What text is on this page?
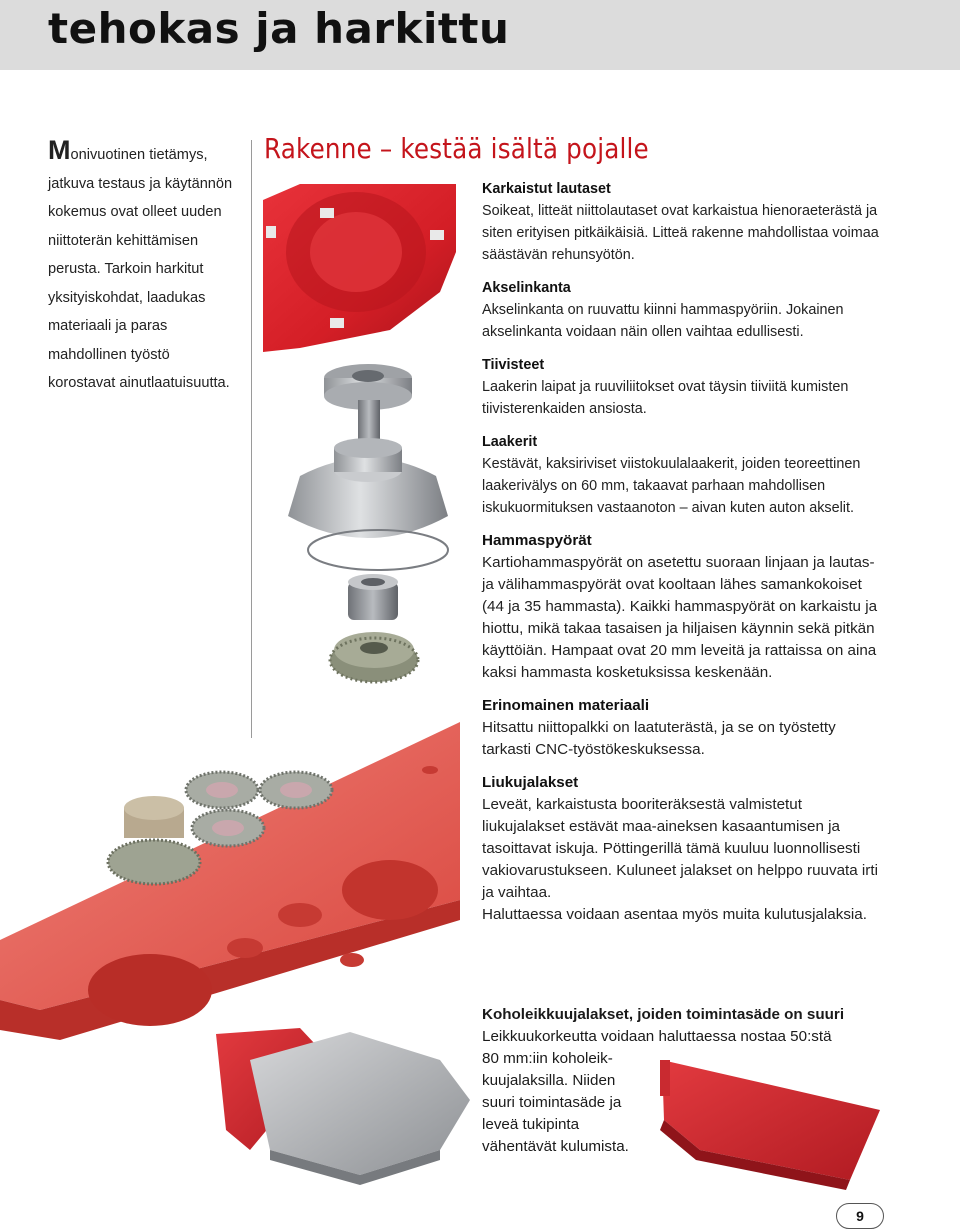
tehokas ja harkittu

Monivuotinen tietämys, jatkuva testaus ja käytännön kokemus ovat olleet uuden niittoterän kehittämisen perusta. Tarkoin harkitut yksityiskohdat, laadukas materiaali ja paras mahdollinen työstö korostavat ainutlaatuisuutta.

Rakenne – kestää isältä pojalle
Karkaistut lautaset

Soikeat, litteät niittolautaset ovat karkaistua hienoraeterästä ja siten erityisen pitkäikäisiä. Litteä rakenne mahdollistaa voimaa säästävän rehunsyötön.

Akselinkanta

Akselinkanta on ruuvattu kiinni hammaspyöriin. Jokainen akselinkanta voidaan näin ollen vaihtaa edullisesti.

Tiivisteet

Laakerin laipat ja ruuviliitokset ovat täysin tiiviitä kumisten tiivisterenkaiden ansiosta.

Laakerit

Kestävät, kaksiriviset viistokuulalaakerit, joiden teoreettinen laakerivälys on 60 mm, takaavat parhaan mahdollisen iskukuormituksen vastaanoton – aivan kuten auton akselit.

Hammaspyörät

Kartiohammaspyörät on asetettu suoraan linjaan ja lautas- ja välihammaspyörät ovat kooltaan lähes samankokoiset (44 ja 35 hammasta). Kaikki hammaspyörät on karkaistu ja hiottu, mikä takaa tasaisen ja hiljaisen käynnin sekä pitkän käyttöiän. Hampaat ovat 20 mm leveitä ja rattaissa on aina kaksi hammasta kosketuksissa keskenään.

Erinomainen materiaali

Hitsattu niittopalkki on laatuterästä, ja se on työstetty tarkasti CNC-työstökeskuksessa.

Liukujalakset

Leveät, karkaistusta booriteräksestä valmistetut liukujalakset estävät maa-aineksen kasaantumisen ja tasoittavat iskuja. Pöttingerillä tämä kuuluu luonnollisesti vakiovarustukseen. Kuluneet jalakset on helppo ruuvata irti ja vaihtaa.

Haluttaessa voidaan asentaa myös muita kulutusjalaksia.

Koholeikkuujalakset, joiden toimintasäde on suuri

Leikkuukorkeutta voidaan haluttaessa nostaa 50:stä

80 mm:iin koholeik- kuujalaksilla. Niiden suuri toimintasäde ja leveä tukipinta vähentävät kulumista.

9
